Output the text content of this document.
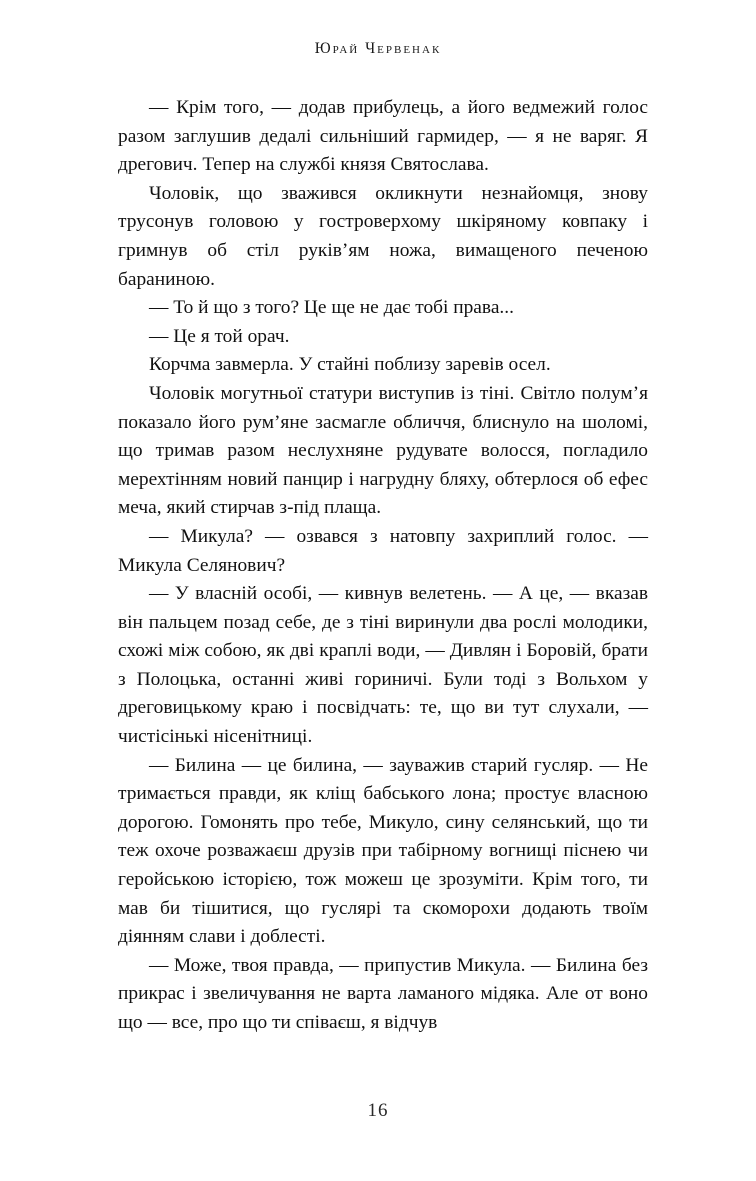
Юрай Червенак

— Крім того, — додав прибулець, а його ведмежий голос разом заглушив дедалі сильніший гармидер, — я не варяг. Я дрегович. Тепер на службі князя Святослава.

Чоловік, що зважився окликнути незнайомця, знову трусонув головою у гостроверхому шкіряному ковпаку і гримнув об стіл руків’ям ножа, вимащеного печеною бараниною.

— То й що з того? Це ще не дає тобі права...

— Це я той орач.

Корчма завмерла. У стайні поблизу заревів осел.

Чоловік могутньої статури виступив із тіні. Світло полум’я показало його рум’яне засмагле обличчя, блиснуло на шоломі, що тримав разом неслухняне рудувате волосся, погладило мерехтінням новий панцир і нагрудну бляху, обтерлося об ефес меча, який стирчав з-під плаща.

— Микула? — озвався з натовпу захриплий голос. — Микула Селянович?

— У власній особі, — кивнув велетень. — А це, — вказав він пальцем позад себе, де з тіні виринули два рослі молодики, схожі між собою, як дві краплі води, — Дивлян і Боровій, брати з Полоцька, останні живі гориничі. Були тоді з Вольхом у дреговицькому краю і посвідчать: те, що ви тут слухали, — чистісінькі нісенітниці.

— Билина — це билина, — зауважив старий гусляр. — Не тримається правди, як кліщ бабського лона; простує власною дорогою. Гомонять про тебе, Микуло, сину селянський, що ти теж охоче розважаєш друзів при табірному вогнищі піснею чи геройською історією, тож можеш це зрозуміти. Крім того, ти мав би тішитися, що гуслярі та скоморохи додають твоїм діянням слави і доблесті.

— Може, твоя правда, — припустив Микула. — Билина без прикрас і звеличування не варта ламаного мідяка. Але от воно що — все, про що ти співаєш, я відчув

16
